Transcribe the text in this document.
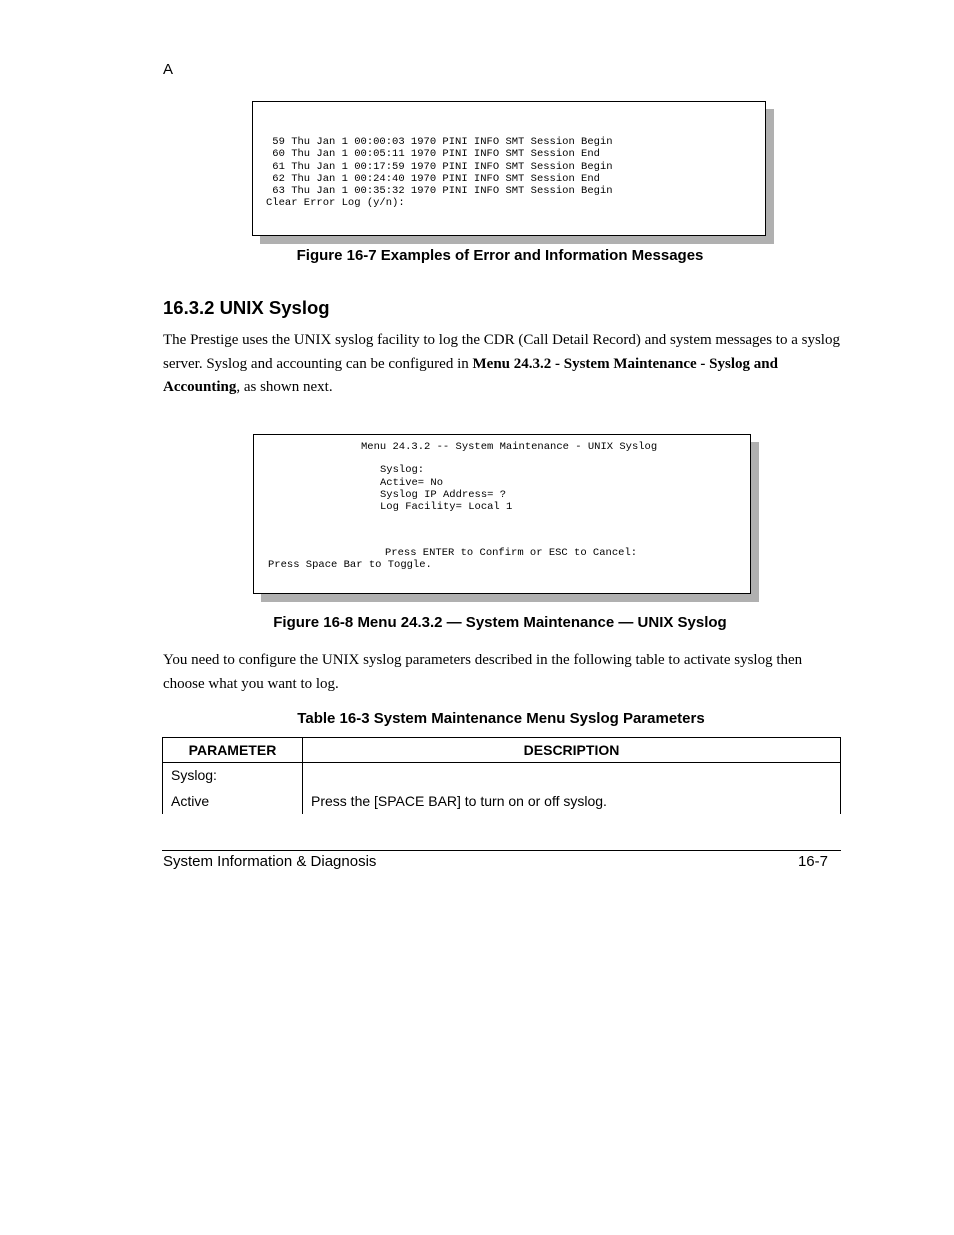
A
59 Thu Jan 1 00:00:03 1970 PINI INFO SMT Session Begin
60 Thu Jan 1 00:05:11 1970 PINI INFO SMT Session End
61 Thu Jan 1 00:17:59 1970 PINI INFO SMT Session Begin
62 Thu Jan 1 00:24:40 1970 PINI INFO SMT Session End
63 Thu Jan 1 00:35:32 1970 PINI INFO SMT Session Begin
Clear Error Log (y/n):
Figure 16-7 Examples of Error and Information Messages
16.3.2 UNIX Syslog
The Prestige uses the UNIX syslog facility to log the CDR (Call Detail Record) and system messages to a syslog server. Syslog and accounting can be configured in Menu 24.3.2 - System Maintenance - Syslog and Accounting, as shown next.
Menu 24.3.2 -- System Maintenance - UNIX Syslog
Syslog:
Active= No
Syslog IP Address= ?
Log Facility= Local 1
Press ENTER to Confirm or ESC to Cancel:
Press Space Bar to Toggle.
Figure 16-8 Menu 24.3.2 — System Maintenance — UNIX Syslog
You need to configure the UNIX syslog parameters described in the following table to activate syslog then choose what you want to log.
Table 16-3 System Maintenance Menu Syslog Parameters
PARAMETER	DESCRIPTION
Syslog:
Active	Press the [SPACE BAR] to turn on or off syslog.
System Information & Diagnosis	16-7
